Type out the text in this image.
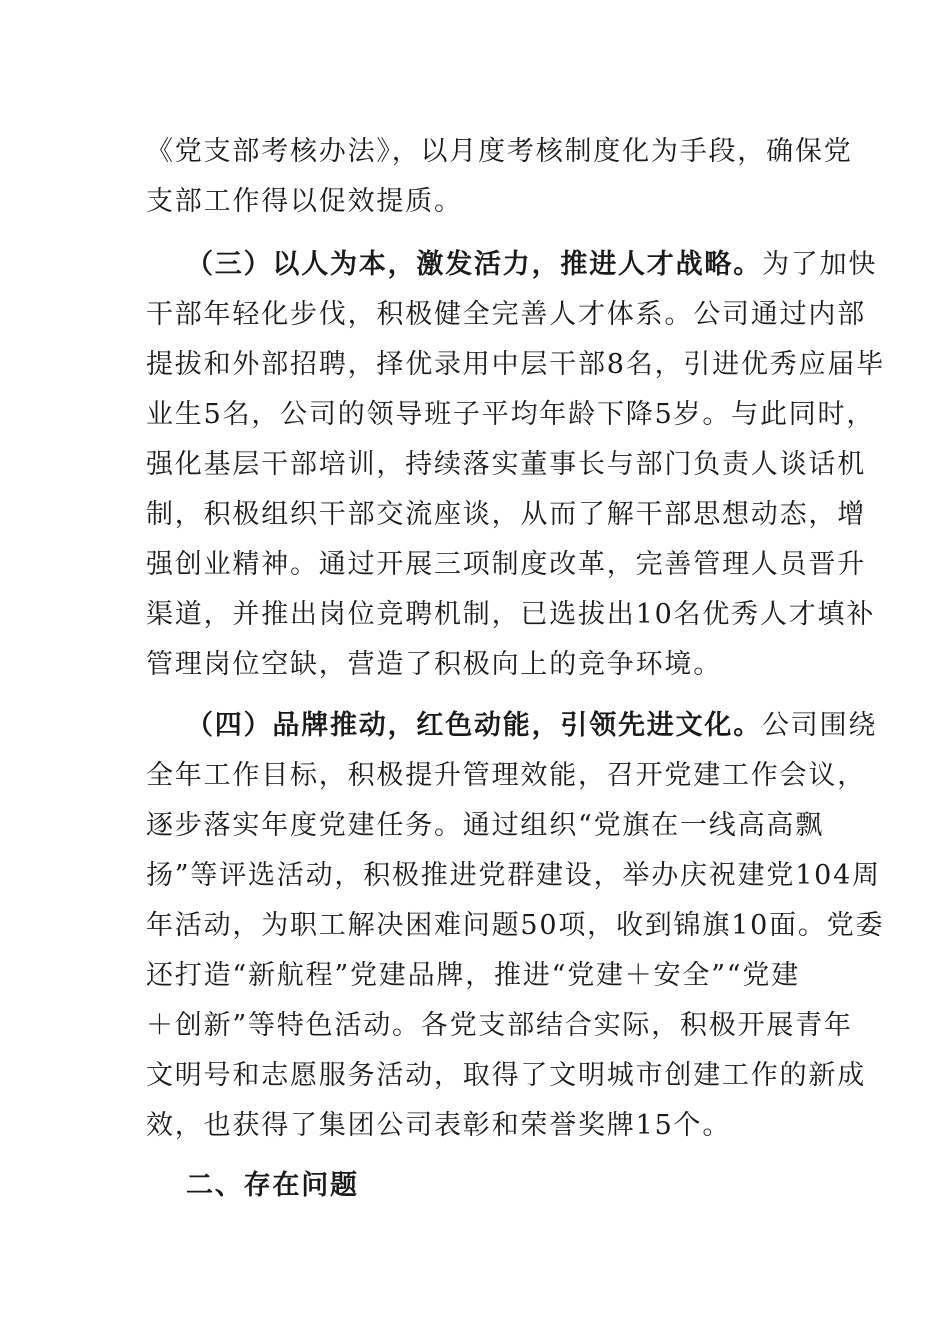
《党支部考核办法》，以月度考核制度化为手段，确保党
支部工作得以促效提质。
（三）以人为本，激发活力，推进人才战略。为了加快
干部年轻化步伐，积极健全完善人才体系。公司通过内部
提拔和外部招聘，择优录用中层干部8名，引进优秀应届毕
业生5名，公司的领导班子平均年龄下降5岁。与此同时，
强化基层干部培训，持续落实董事长与部门负责人谈话机
制，积极组织干部交流座谈，从而了解干部思想动态，增
强创业精神。通过开展三项制度改革，完善管理人员晋升
渠道，并推出岗位竞聘机制，已选拔出10名优秀人才填补
管理岗位空缺，营造了积极向上的竞争环境。
（四）品牌推动，红色动能，引领先进文化。公司围绕
全年工作目标，积极提升管理效能，召开党建工作会议，
逐步落实年度党建任务。通过组织“党旗在一线高高飘
扬”等评选活动，积极推进党群建设，举办庆祝建党104周
年活动，为职工解决困难问题50项，收到锦旗10面。党委
还打造“新航程”党建品牌，推进“党建＋安全”“党建
＋创新”等特色活动。各党支部结合实际，积极开展青年
文明号和志愿服务活动，取得了文明城市创建工作的新成
效，也获得了集团公司表彰和荣誉奖牌15个。
二、存在问题
